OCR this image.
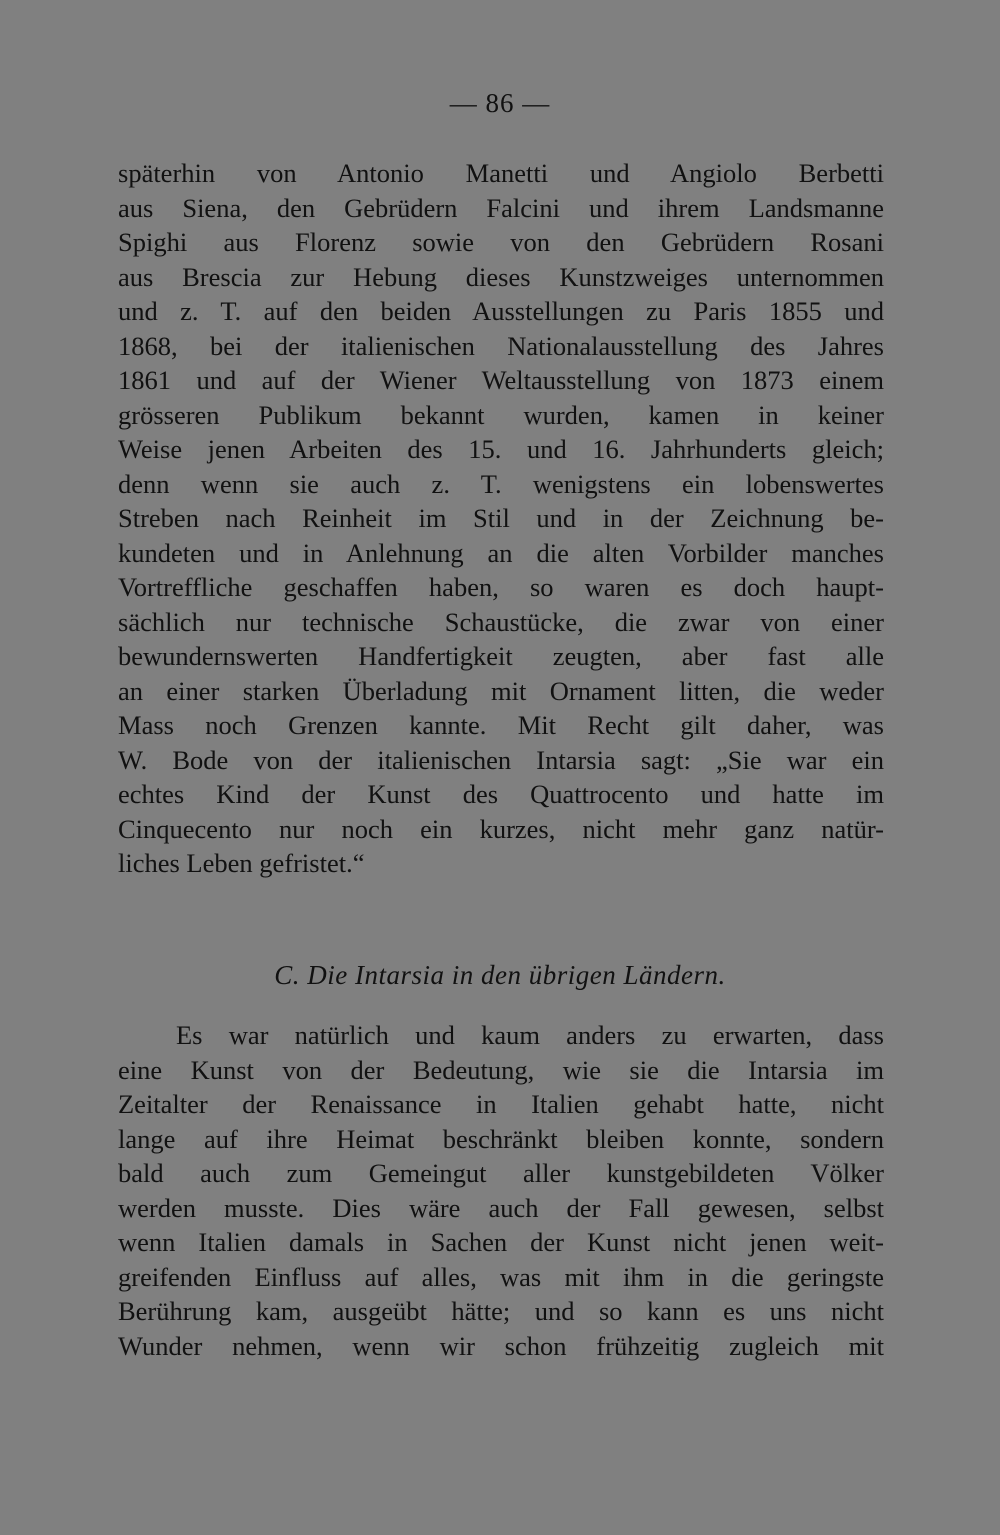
— 86 —
späterhin von Antonio Manetti und Angiolo Berbetti
aus Siena, den Gebrüdern Falcini und ihrem Landsmanne
Spighi aus Florenz sowie von den Gebrüdern Rosani
aus Brescia zur Hebung dieses Kunstzweiges unternommen
und z. T. auf den beiden Ausstellungen zu Paris 1855 und
1868, bei der italienischen Nationalausstellung des Jahres
1861 und auf der Wiener Weltausstellung von 1873 einem
grösseren Publikum bekannt wurden, kamen in keiner
Weise jenen Arbeiten des 15. und 16. Jahrhunderts gleich;
denn wenn sie auch z. T. wenigstens ein lobenswertes
Streben nach Reinheit im Stil und in der Zeichnung be-
kundeten und in Anlehnung an die alten Vorbilder manches
Vortreffliche geschaffen haben, so waren es doch haupt-
sächlich nur technische Schaustücke, die zwar von einer
bewundernswerten Handfertigkeit zeugten, aber fast alle
an einer starken Überladung mit Ornament litten, die weder
Mass noch Grenzen kannte. Mit Recht gilt daher, was
W. Bode von der italienischen Intarsia sagt: „Sie war ein
echtes Kind der Kunst des Quattrocento und hatte im
Cinquecento nur noch ein kurzes, nicht mehr ganz natür-
liches Leben gefristet.“
C. Die Intarsia in den übrigen Ländern.
Es war natürlich und kaum anders zu erwarten, dass
eine Kunst von der Bedeutung, wie sie die Intarsia im
Zeitalter der Renaissance in Italien gehabt hatte, nicht
lange auf ihre Heimat beschränkt bleiben konnte, sondern
bald auch zum Gemeingut aller kunstgebildeten Völker
werden musste. Dies wäre auch der Fall gewesen, selbst
wenn Italien damals in Sachen der Kunst nicht jenen weit-
greifenden Einfluss auf alles, was mit ihm in die geringste
Berührung kam, ausgeübt hätte; und so kann es uns nicht
Wunder nehmen, wenn wir schon frühzeitig zugleich mit
